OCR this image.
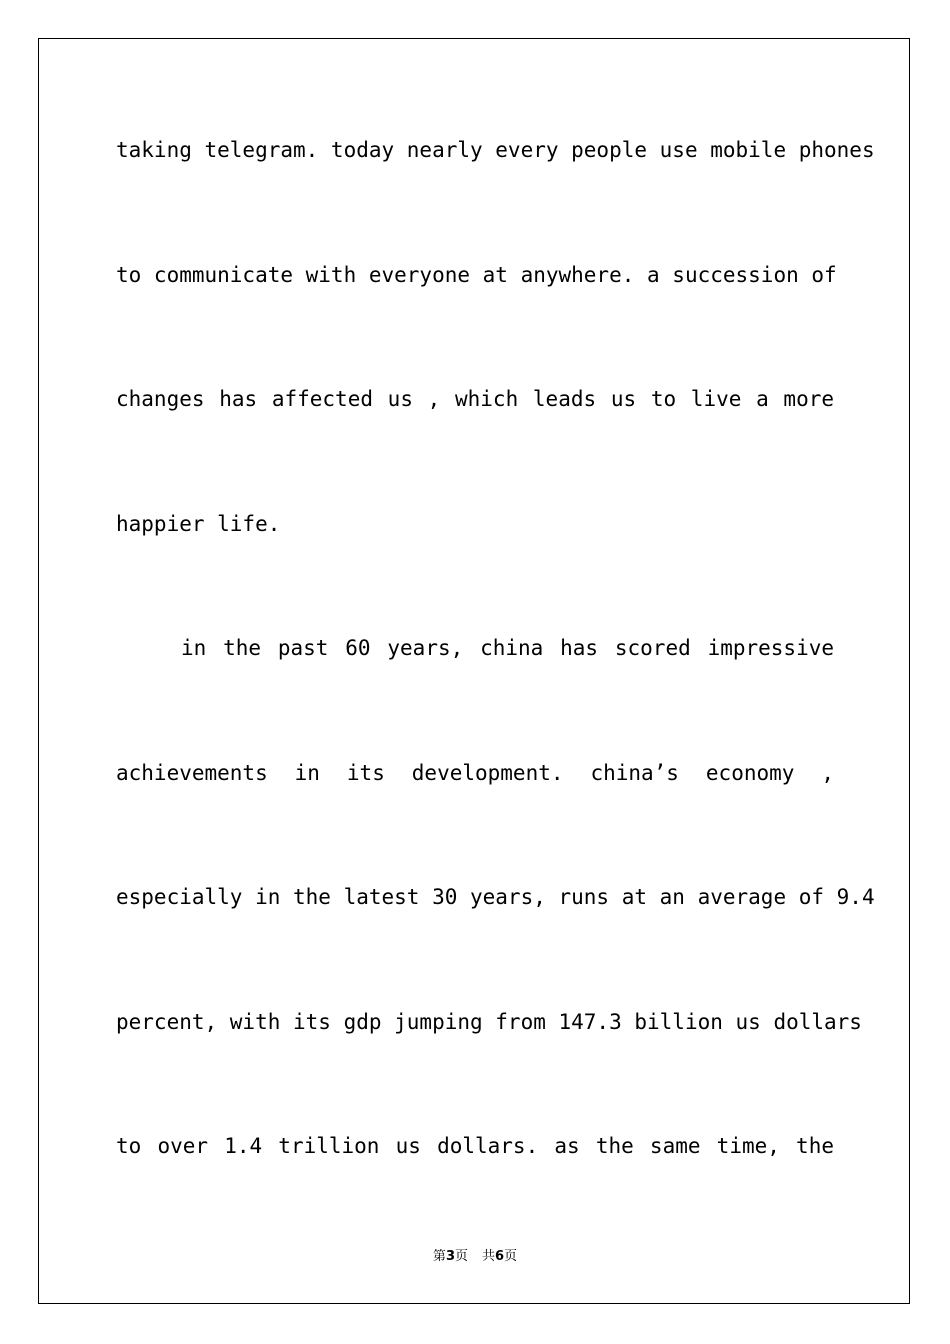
taking telegram. today nearly every people use mobile phones
to communicate with everyone at anywhere. a succession of
changes has affected us , which leads us to live a more
happier life.
in the past 60 years, china has scored impressive
achievements in its development. china’s economy ,
especially in the latest 30 years, runs at an average of 9.4
percent, with its gdp jumping from 147.3 billion us dollars
to over 1.4 trillion us dollars. as the same time, the
第3页 共6页
